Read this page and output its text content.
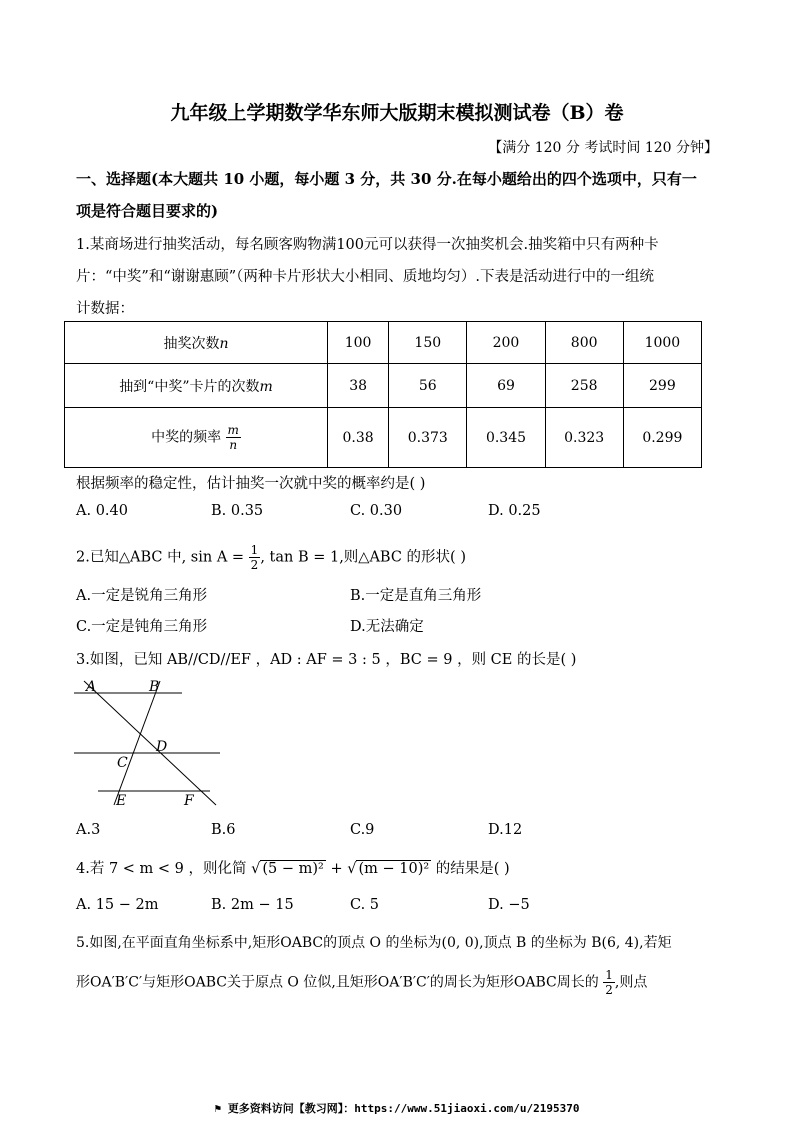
九年级上学期数学华东师大版期末模拟测试卷（B）卷
【满分 120 分 考试时间 120 分钟】
一、选择题(本大题共 10 小题，每小题 3 分，共 30 分.在每小题给出的四个选项中，只有一
项是符合题目要求的)
1.某商场进行抽奖活动，每名顾客购物满100元可以获得一次抽奖机会.抽奖箱中只有两种卡
片：“中奖”和“谢谢惠顾”（两种卡片形状大小相同、质地均匀）.下表是活动进行中的一组统
计数据：
抽奖次数n	100	150	200	800	1000
抽到“中奖”卡片的次数m	38	56	69	258	299
中奖的频率 $\frac{m}{n}$	0.38	0.373	0.345	0.323	0.299
根据频率的稳定性，估计抽奖一次就中奖的概率约是( )
A. 0.40	B. 0.35	C. 0.30	D. 0.25
2.已知△ABC 中, $\sin A = \frac{1}{2}$ , tan B = 1,则△ABC 的形状( )
A.一定是锐角三角形	B.一定是直角三角形
C.一定是钝角三角形	D.无法确定
3.如图，已知 AB//CD//EF ，AD : AF = 3 : 5 ，BC = 9 ，则 CE 的长是( )
A	B
C
D
E	F
A.3	B.6	C.9	D.12
4.若 7 < m < 9 ，则化简 √ (5 − m)² + √ (m − 10)² 的结果是( )
A. 15 − 2m	B. 2m − 15	C. 5	D. −5
5.如图,在平面直角坐标系中,矩形OABC的顶点 O 的坐标为(0, 0),顶点 B 的坐标为 B(6, 4),若矩
形OA′B′C′与矩形OABC关于原点 O 位似,且矩形OA′B′C′的周长为矩形OABC周长的 $\frac{1}{2}$ ,则点
⚑ 更多资料访问【教习网】：https://www.51jiaoxi.com/u/2195370
